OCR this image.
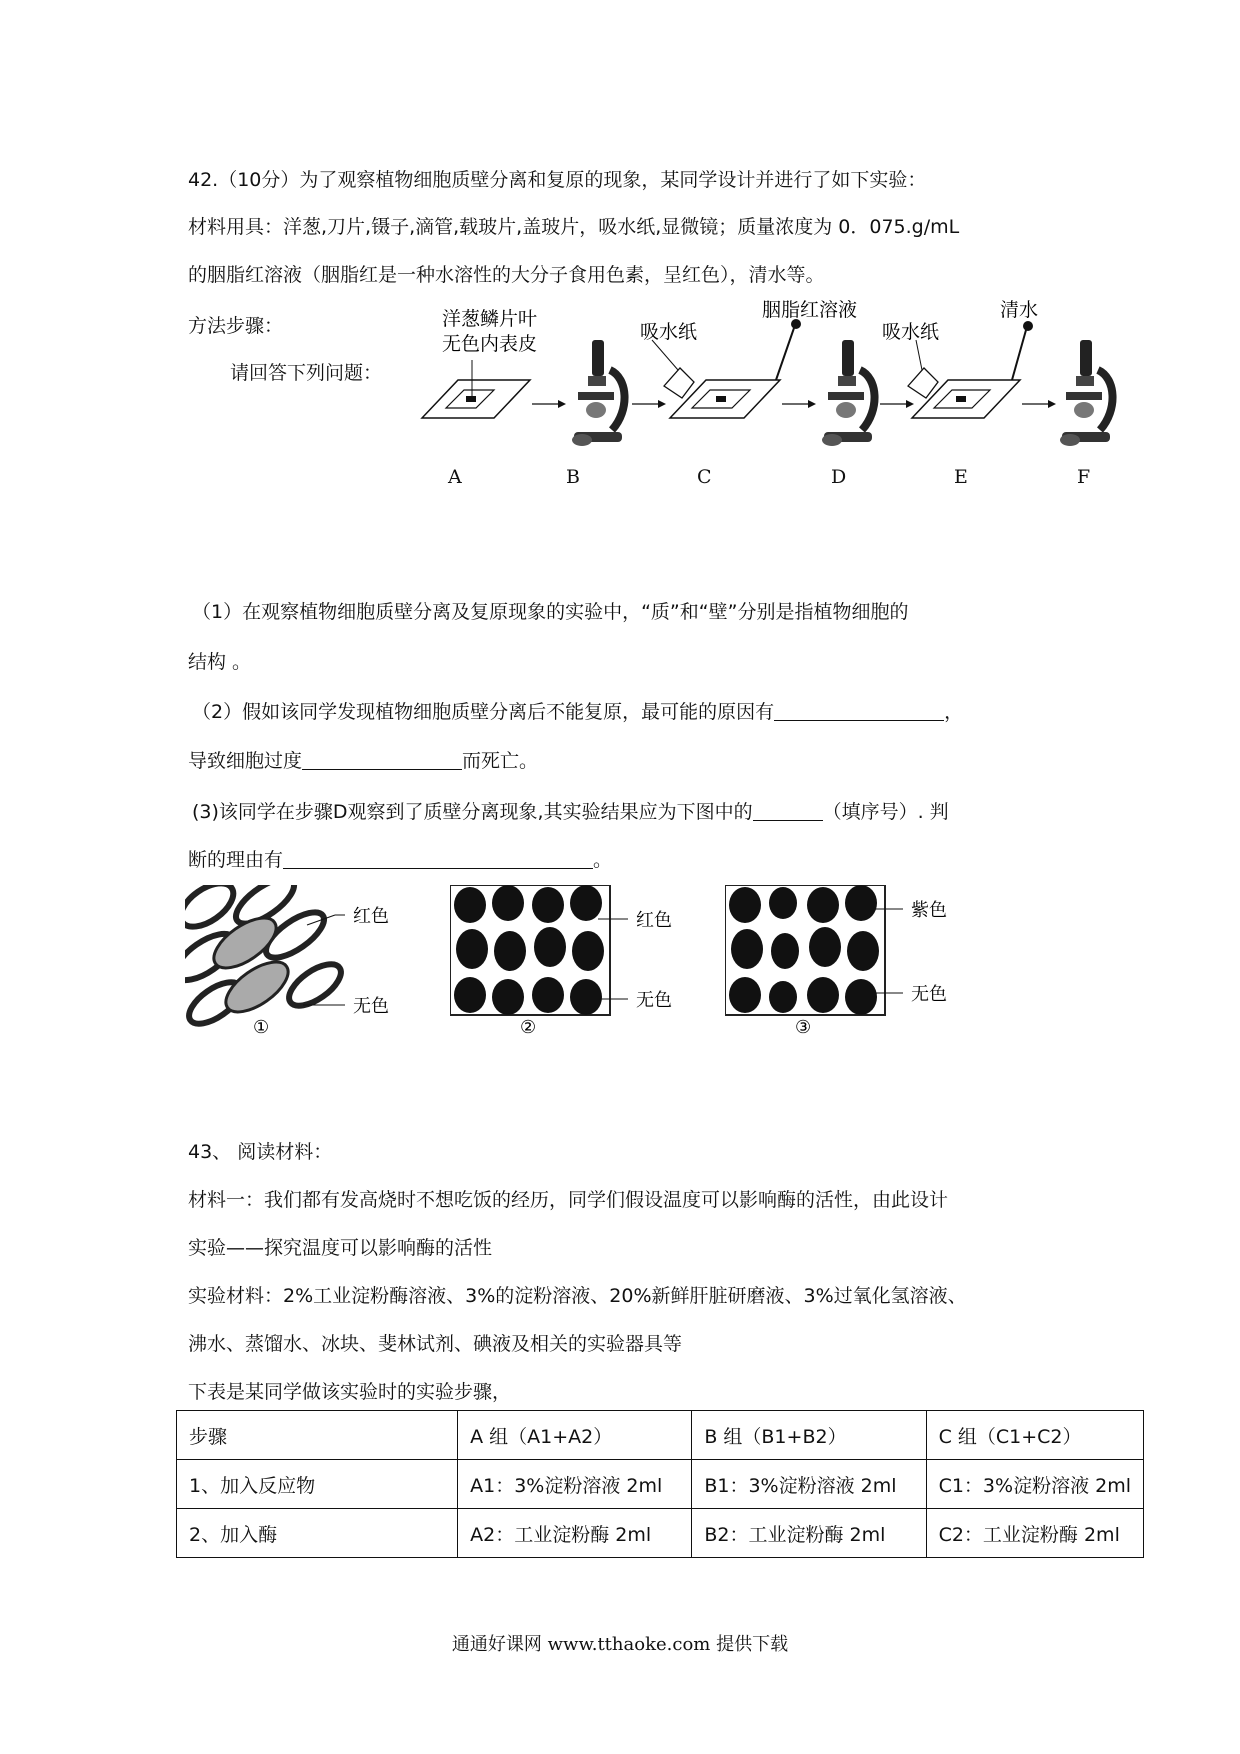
42.（10分）为了观察植物细胞质壁分离和复原的现象，某同学设计并进行了如下实验：
材料用具：洋葱,刀片,镊子,滴管,载玻片,盖玻片，吸水纸,显微镜；质量浓度为 0．075.g/mL
的胭脂红溶液（胭脂红是一种水溶性的大分子食用色素，呈红色），清水等。
方法步骤：
请回答下列问题：
洋葱鳞片叶
无色内表皮
吸水纸
胭脂红溶液
吸水纸
清水
A	B	C	D	E	F
（1）在观察植物细胞质壁分离及复原现象的实验中，“质”和“壁”分别是指植物细胞的
结构 。
（2）假如该同学发现植物细胞质壁分离后不能复原，最可能的原因有	，
导致细胞过度	而死亡。
(3)该同学在步骤D观察到了质壁分离现象,其实验结果应为下图中的	（填序号）. 判
断的理由有	。
红色
无色
①
红色
无色
②
紫色
无色
③
43、 阅读材料：
材料一：我们都有发高烧时不想吃饭的经历，同学们假设温度可以影响酶的活性，由此设计
实验——探究温度可以影响酶的活性
实验材料：2%工业淀粉酶溶液、3%的淀粉溶液、20%新鲜肝脏研磨液、3%过氧化氢溶液、
沸水、蒸馏水、冰块、斐林试剂、碘液及相关的实验器具等
下表是某同学做该实验时的实验步骤，
步骤	A 组（A1+A2）	B 组（B1+B2）	C 组（C1+C2）
1、加入反应物	A1：3%淀粉溶液 2ml	B1：3%淀粉溶液 2ml	C1：3%淀粉溶液 2ml
2、加入酶	A2：工业淀粉酶 2ml	B2：工业淀粉酶 2ml	C2：工业淀粉酶 2ml
通通好课网 www.tthaoke.com 提供下载
